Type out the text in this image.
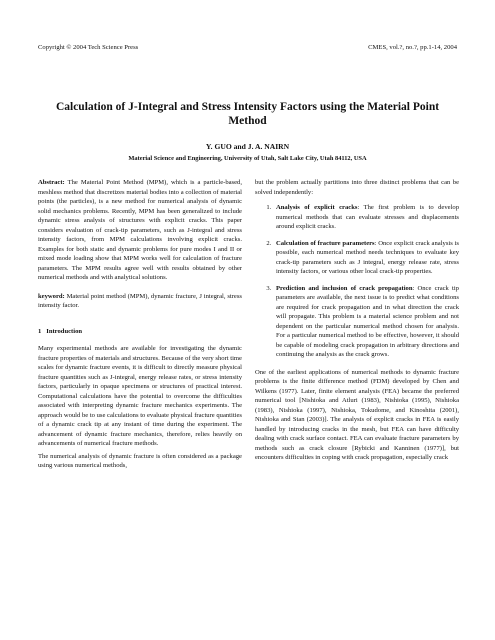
Copyright © 2004 Tech Science Press	CMES, vol.?, no.?, pp.1-14, 2004
Calculation of J-Integral and Stress Intensity Factors using the Material Point Method
Y. GUO and J. A. NAIRN
Material Science and Engineering, University of Utah, Salt Lake City, Utah 84112, USA

Abstract: The Material Point Method (MPM), which is a particle-based, meshless method that discretizes material bodies into a collection of material points (the particles), is a new method for numerical analysis of dynamic solid mechanics problems. Recently, MPM has been generalized to include dynamic stress analysis of structures with explicit cracks. This paper considers evaluation of crack-tip parameters, such as J-integral and stress intensity factors, from MPM calculations involving explicit cracks. Examples for both static and dynamic problems for pure modes I and II or mixed mode loading show that MPM works well for calculation of fracture parameters. The MPM results agree well with results obtained by other numerical methods and with analytical solutions.

keyword: Material point method (MPM), dynamic fracture, J integral, stress intensity factor.

1 Introduction

Many experimental methods are available for investigating the dynamic fracture properties of materials and structures. Because of the very short time scales for dynamic fracture events, it is difficult to directly measure physical fracture quantities such as J-integral, energy release rates, or stress intensity factors, particularly in opaque specimens or structures of practical interest. Computational calculations have the potential to overcome the difficulties associated with interpreting dynamic fracture mechanics experiments. The approach would be to use calculations to evaluate physical fracture quantities of a dynamic crack tip at any instant of time during the experiment. The advancement of dynamic fracture mechanics, therefore, relies heavily on advancements of numerical fracture methods.

The numerical analysis of dynamic fracture is often considered as a package using various numerical methods,

but the problem actually partitions into three distinct problems that can be solved independently:

1. Analysis of explicit cracks: The first problem is to develop numerical methods that can evaluate stresses and displacements around explicit cracks.
2. Calculation of fracture parameters: Once explicit crack analysis is possible, each numerical method needs techniques to evaluate key crack-tip parameters such as J integral, energy release rate, stress intensity factors, or various other local crack-tip properties.
3. Prediction and inclusion of crack propagation: Once crack tip parameters are available, the next issue is to predict what conditions are required for crack propagation and in what direction the crack will propagate. This problem is a material science problem and not dependent on the particular numerical method chosen for analysis. For a particular numerical method to be effective, however, it should be capable of modeling crack propagation in arbitrary directions and continuing the analysis as the crack grows.

One of the earliest applications of numerical methods to dynamic fracture problems is the finite difference method (FDM) developed by Chen and Wilkens (1977). Later, finite element analysis (FEA) became the preferred numerical tool [Nishioka and Atluri (1983), Nishioka (1995), Nishioka (1983), Nishioka (1997), Nishioka, Tokudome, and Kinoshita (2001), Nishioka and Stan (2003)]. The analysis of explicit cracks in FEA is easily handled by introducing cracks in the mesh, but FEA can have difficulty dealing with crack surface contact. FEA can evaluate fracture parameters by methods such as crack closure [Rybicki and Kanninen (1977)], but encounters difficulties in coping with crack propagation, especially crack
